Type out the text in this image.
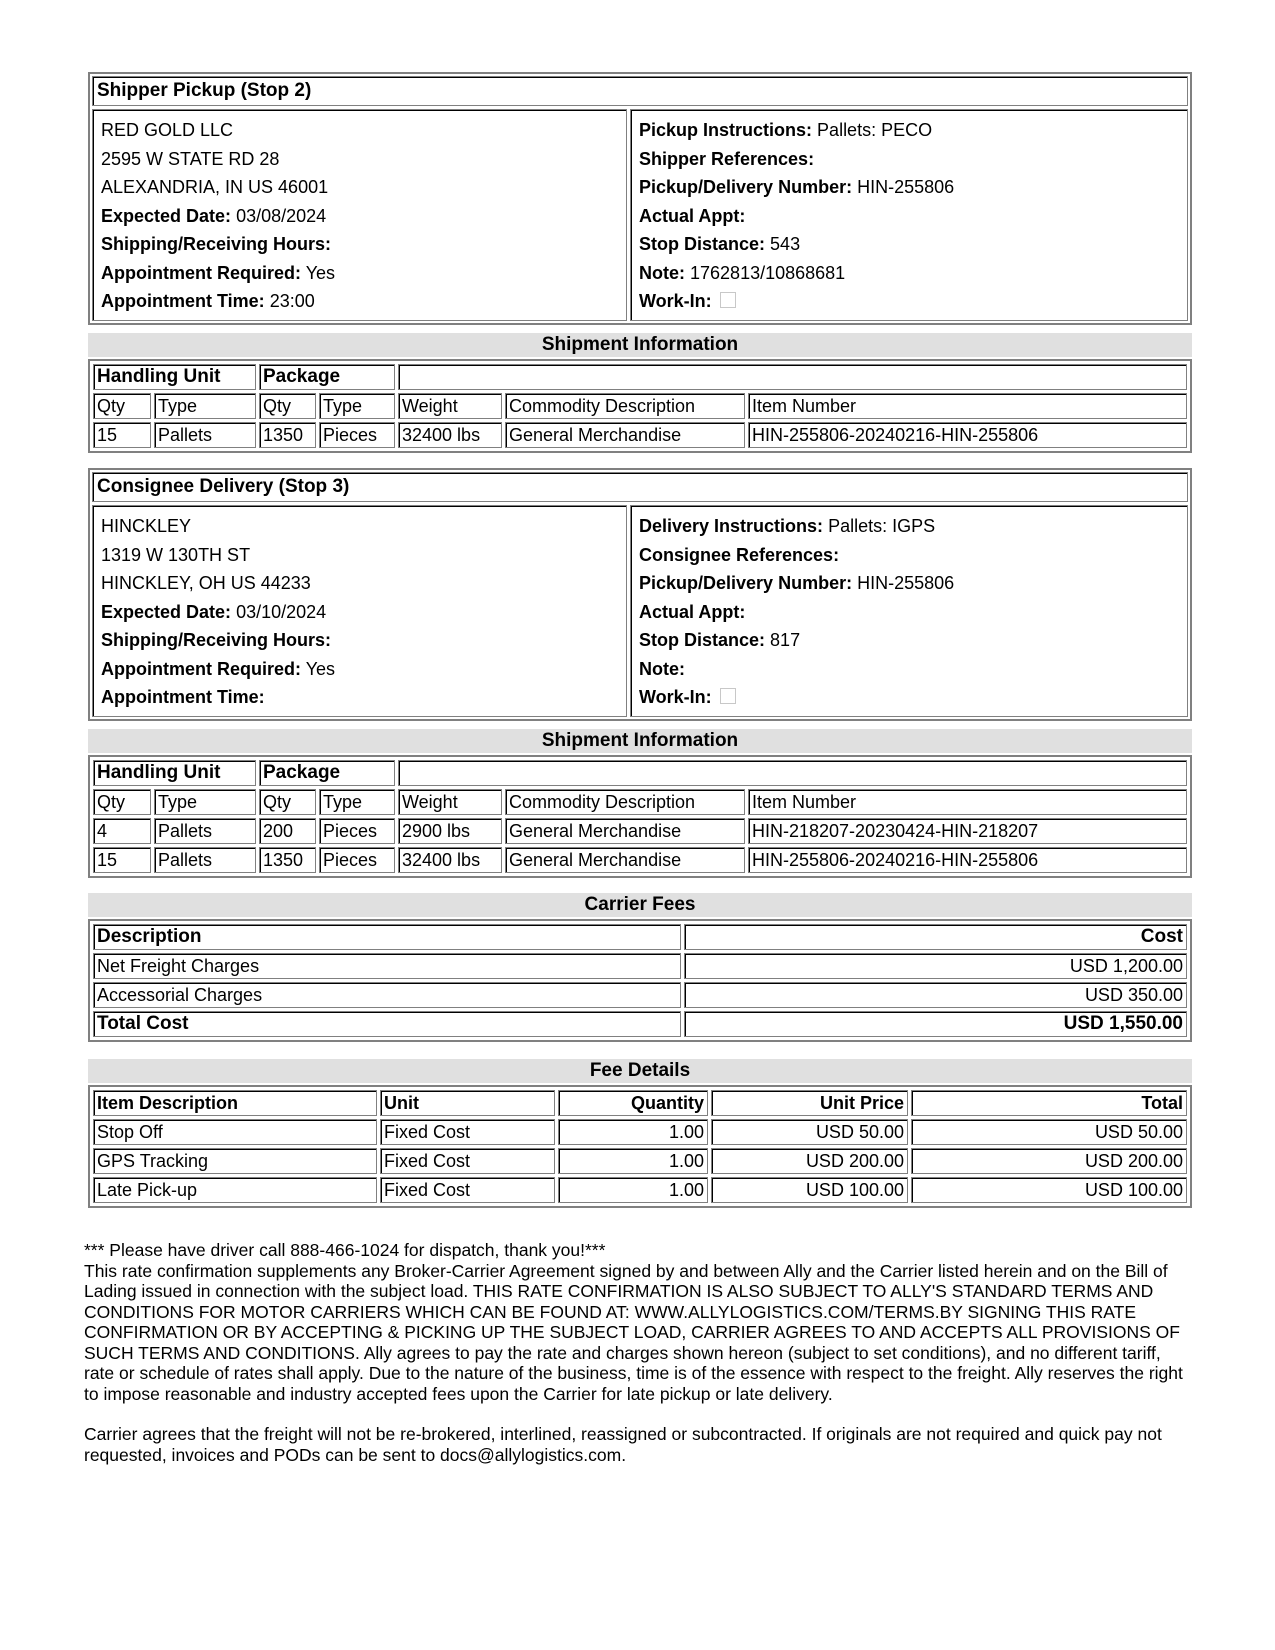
Shipper Pickup (Stop 2)
RED GOLD LLC
2595 W STATE RD 28
ALEXANDRIA, IN US 46001
Expected Date: 03/08/2024
Shipping/Receiving Hours:
Appointment Required: Yes
Appointment Time: 23:00
Pickup Instructions: Pallets: PECO
Shipper References:
Pickup/Delivery Number: HIN-255806
Actual Appt:
Stop Distance: 543
Note: 1762813/10868681
Work-In:
Shipment Information
Handling Unit		Package				
Qty	Type	Qty	Type	Weight	Commodity Description	Item Number
15	Pallets	1350	Pieces	32400 lbs	General Merchandise	HIN-255806-20240216-HIN-255806
Consignee Delivery (Stop 3)
HINCKLEY
1319 W 130TH ST
HINCKLEY, OH US 44233
Expected Date: 03/10/2024
Shipping/Receiving Hours:
Appointment Required: Yes
Appointment Time:
Delivery Instructions: Pallets: IGPS
Consignee References:
Pickup/Delivery Number: HIN-255806
Actual Appt:
Stop Distance: 817
Note:
Work-In:
Shipment Information
Handling Unit		Package				
Qty	Type	Qty	Type	Weight	Commodity Description	Item Number
4	Pallets	200	Pieces	2900 lbs	General Merchandise	HIN-218207-20230424-HIN-218207
15	Pallets	1350	Pieces	32400 lbs	General Merchandise	HIN-255806-20240216-HIN-255806
Carrier Fees
Description	Cost
Net Freight Charges	USD 1,200.00
Accessorial Charges	USD 350.00
Total Cost	USD 1,550.00
Fee Details
Item Description	Unit	Quantity	Unit Price	Total
Stop Off	Fixed Cost	1.00	USD 50.00	USD 50.00
GPS Tracking	Fixed Cost	1.00	USD 200.00	USD 200.00
Late Pick-up	Fixed Cost	1.00	USD 100.00	USD 100.00

*** Please have driver call 888-466-1024 for dispatch, thank you!***

This rate confirmation supplements any Broker-Carrier Agreement signed by and between Ally and the Carrier listed herein and on the Bill of Lading issued in connection with the subject load. THIS RATE CONFIRMATION IS ALSO SUBJECT TO ALLY'S STANDARD TERMS AND CONDITIONS FOR MOTOR CARRIERS WHICH CAN BE FOUND AT: WWW.ALLYLOGISTICS.COM/TERMS.BY SIGNING THIS RATE CONFIRMATION OR BY ACCEPTING & PICKING UP THE SUBJECT LOAD, CARRIER AGREES TO AND ACCEPTS ALL PROVISIONS OF SUCH TERMS AND CONDITIONS. Ally agrees to pay the rate and charges shown hereon (subject to set conditions), and no different tariff, rate or schedule of rates shall apply. Due to the nature of the business, time is of the essence with respect to the freight. Ally reserves the right to impose reasonable and industry accepted fees upon the Carrier for late pickup or late delivery.

Carrier agrees that the freight will not be re-brokered, interlined, reassigned or subcontracted. If originals are not required and quick pay not requested, invoices and PODs can be sent to docs@allylogistics.com.
